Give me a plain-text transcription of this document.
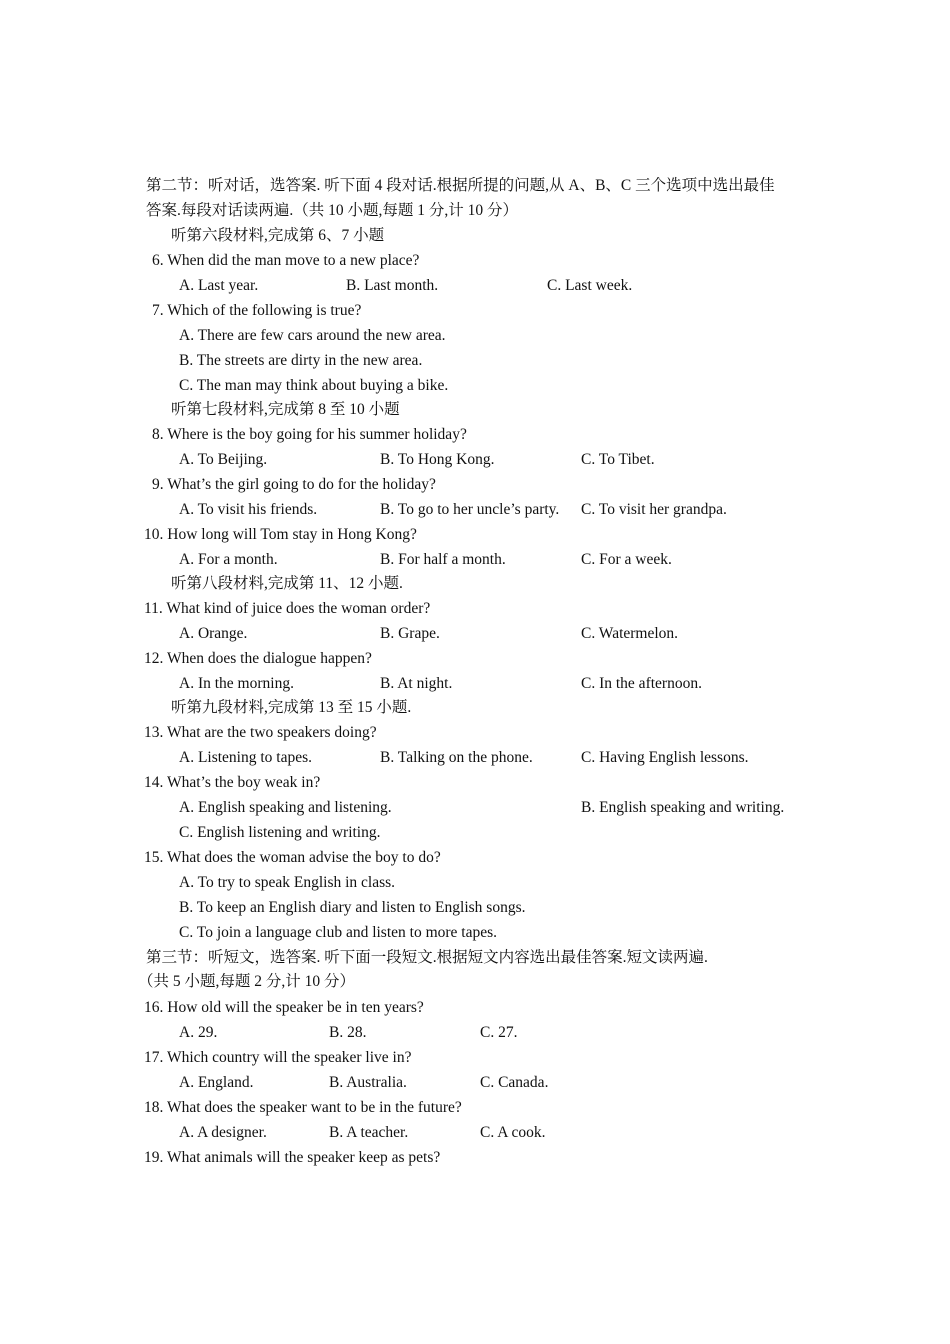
第二节：听对话，选答案. 听下面 4 段对话.根据所提的问题,从 A、B、C 三个选项中选出最佳
答案.每段对话读两遍.（共 10 小题,每题 1 分,计 10 分）
听第六段材料,完成第 6、7 小题
6. When did the man move to a new place?
A. Last year.	B. Last month.	C. Last week.
7. Which of the following is true?
A. There are few cars around the new area.
B. The streets are dirty in the new area.
C. The man may think about buying a bike.
听第七段材料,完成第 8 至 10 小题
8. Where is the boy going for his summer holiday?
A. To Beijing.	B. To Hong Kong.	C. To Tibet.
9. What’s the girl going to do for the holiday?
A. To visit his friends.	B. To go to her uncle’s party. C. To visit her grandpa.
10. How long will Tom stay in Hong Kong?
A. For a month.	B. For half a month.	C. For a week.
听第八段材料,完成第 11、12 小题.
11. What kind of juice does the woman order?
A. Orange.	B. Grape.	C. Watermelon.
12. When does the dialogue happen?
A. In the morning.	B. At night.	C. In the afternoon.
听第九段材料,完成第 13 至 15 小题.
13. What are the two speakers doing?
A. Listening to tapes.	B. Talking on the phone.	C. Having English lessons.
14. What’s the boy weak in?
A. English speaking and listening.	B. English speaking and writing.
C. English listening and writing.
15. What does the woman advise the boy to do?
A. To try to speak English in class.
B. To keep an English diary and listen to English songs.
C. To join a language club and listen to more tapes.
第三节：听短文，选答案. 听下面一段短文.根据短文内容选出最佳答案.短文读两遍.
（共 5 小题,每题 2 分,计 10 分）
16. How old will the speaker be in ten years?
A. 29.	B. 28.	C. 27.
17. Which country will the speaker live in?
A. England.	B. Australia.	C. Canada.
18. What does the speaker want to be in the future?
A. A designer.	B. A teacher.	C. A cook.
19. What animals will the speaker keep as pets?
